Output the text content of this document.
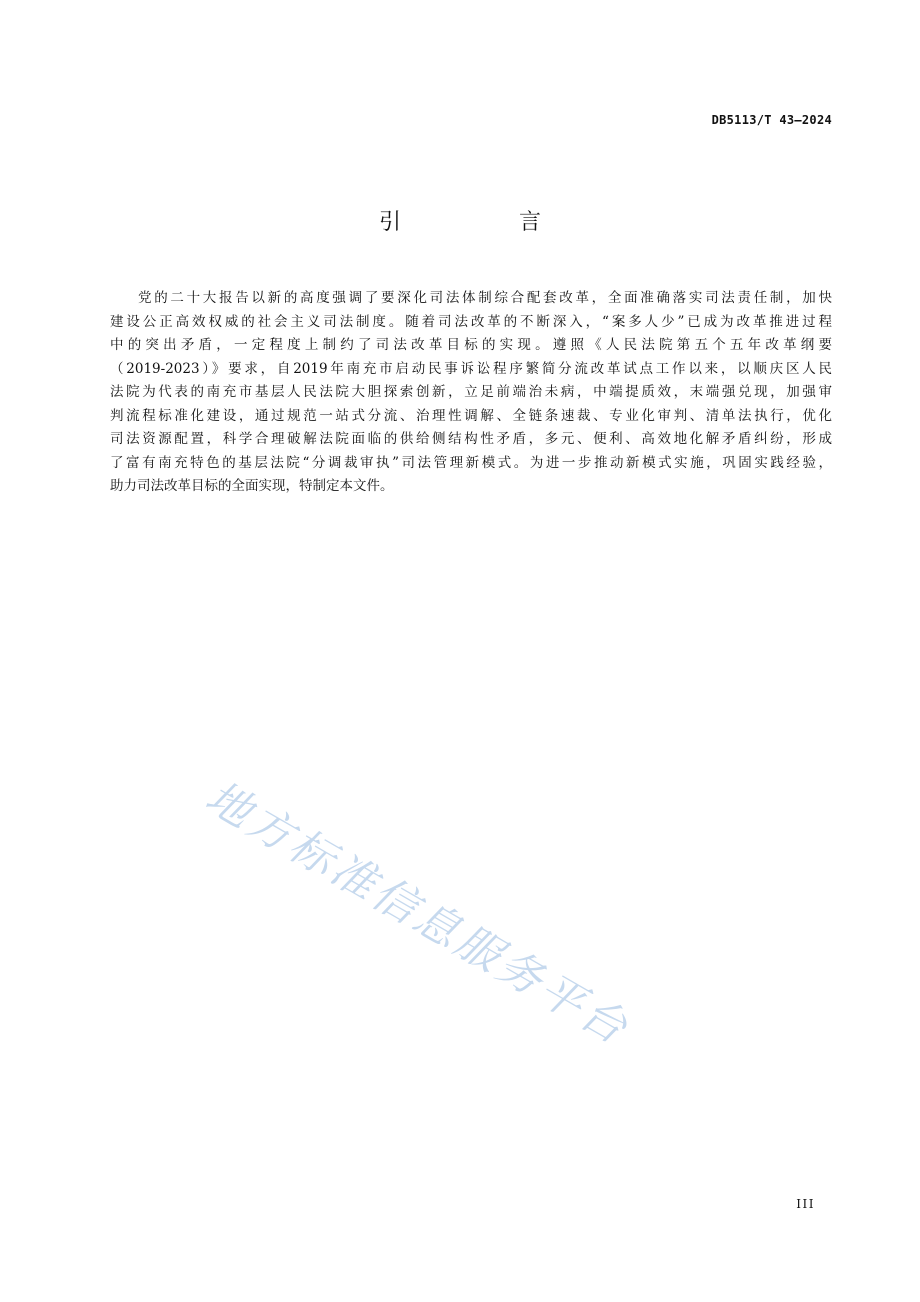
DB5113/T 43—2024
引　言
党的二十大报告以新的高度强调了要深化司法体制综合配套改革，全面准确落实司法责任制，加快
建设公正高效权威的社会主义司法制度。随着司法改革的不断深入，“案多人少”已成为改革推进过程
中的突出矛盾，一定程度上制约了司法改革目标的实现。遵照《人民法院第五个五年改革纲要
（2019-2023）》要求，自2019年南充市启动民事诉讼程序繁简分流改革试点工作以来，以顺庆区人民
法院为代表的南充市基层人民法院大胆探索创新，立足前端治未病，中端提质效，末端强兑现，加强审
判流程标准化建设，通过规范一站式分流、治理性调解、全链条速裁、专业化审判、清单法执行，优化
司法资源配置，科学合理破解法院面临的供给侧结构性矛盾，多元、便利、高效地化解矛盾纠纷，形成
了富有南充特色的基层法院“分调裁审执”司法管理新模式。为进一步推动新模式实施，巩固实践经验，
助力司法改革目标的全面实现，特制定本文件。
地方标准信息服务平台
III
